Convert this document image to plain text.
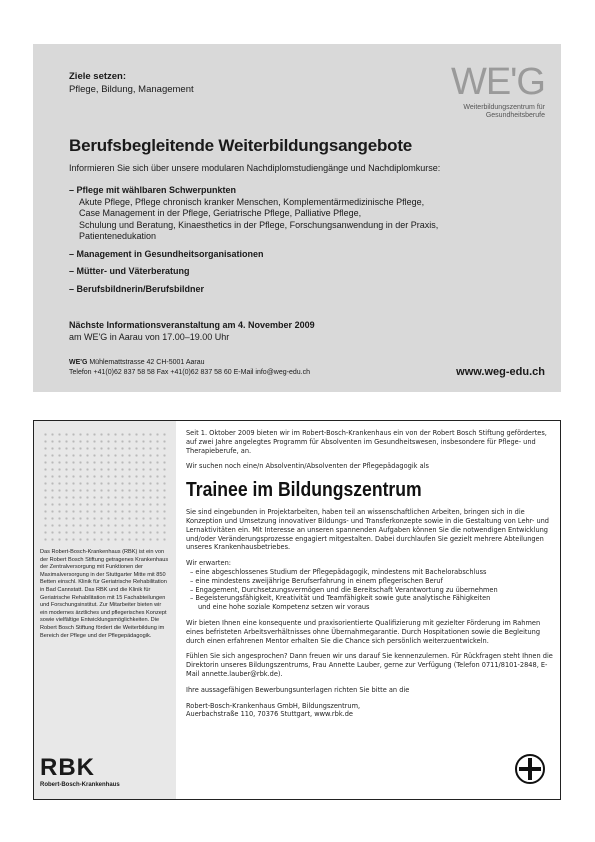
Ziele setzen:
Pflege, Bildung, Management	WE'G
Weiterbildungszentrum für
Gesundheitsberufe
Berufsbegleitende Weiterbildungsangebote
Informieren Sie sich über unsere modularen Nachdiplomstudiengänge und Nachdiplomkurse:
– Pflege mit wählbaren Schwerpunkten
Akute Pflege, Pflege chronisch kranker Menschen, Komplementärmedizinische Pflege,
Case Management in der Pflege, Geriatrische Pflege, Palliative Pflege,
Schulung und Beratung, Kinaesthetics in der Pflege, Forschungsanwendung in der Praxis,
Patientenedukation
– Management in Gesundheitsorganisationen
– Mütter- und Väterberatung
– Berufsbildnerin/Berufsbildner
Nächste Informationsveranstaltung am 4. November 2009
am WE'G in Aarau von 17.00–19.00 Uhr
WE'G Mühlemattstrasse 42 CH-5001 Aarau
Telefon +41(0)62 837 58 58 Fax +41(0)62 837 58 60 E-Mail info@weg-edu.ch	www.weg-edu.ch
Das Robert-Bosch-Krankenhaus (RBK) ist ein von der Robert Bosch Stiftung getragenes Krankenhaus der Zentralversorgung mit Funktionen der Maximalversorgung in der Stuttgarter Mitte mit 850 Betten einschl. Klinik für Geriatrische Rehabilitation in Bad Cannstatt. Das RBK und die Klinik für Geriatrische Rehabilitation mit 15 Fachabteilungen und Forschungsinstitut. Zur Mitarbeiter bieten wir ein modernes ärztliches und pflegerisches Konzept sowie vielfältige Entwicklungsmöglichkeiten. Die Robert Bosch Stiftung fördert die Weiterbildung im Bereich der Pflege und der Pflegepädagogik.
RBK
Robert-Bosch-Krankenhaus

Seit 1. Oktober 2009 bieten wir im Robert-Bosch-Krankenhaus ein von der Robert Bosch Stiftung gefördertes, auf zwei Jahre angelegtes Programm für Absolventen im Gesundheitswesen, insbesondere für Pflege- und Therapieberufe, an.

Wir suchen noch eine/n Absolventin/Absolventen der Pflegepädagogik als

Trainee im Bildungszentrum

Sie sind eingebunden in Projektarbeiten, haben teil an wissenschaftlichen Arbeiten, bringen sich in die Konzeption und Umsetzung innovativer Bildungs- und Transferkonzepte sowie in die Gestaltung von Lehr- und Lernaktivitäten ein. Mit Interesse an unseren spannenden Aufgaben können Sie die notwendigen Entwicklung und/oder Veränderungsprozesse engagiert mitgestalten. Dabei durchlaufen Sie gezielt mehrere Abteilungen unseres Krankenhausbetriebes.

Wir erwarten:
– eine abgeschlossenes Studium der Pflegepädagogik, mindestens mit Bachelorabschluss
– eine mindestens zweijährige Berufserfahrung in einem pflegerischen Beruf
– Engagement, Durchsetzungsvermögen und die Bereitschaft Verantwortung zu übernehmen
– Begeisterungsfähigkeit, Kreativität und Teamfähigkeit sowie gute analytische Fähigkeiten
und eine hohe soziale Kompetenz setzen wir voraus

Wir bieten Ihnen eine konsequente und praxisorientierte Qualifizierung mit gezielter Förderung im Rahmen eines befristeten Arbeitsverhältnisses ohne Übernahmegarantie. Durch Hospitationen sowie die Begleitung durch einen erfahrenen Mentor erhalten Sie die Chance sich persönlich weiterzuentwickeln.

Fühlen Sie sich angesprochen? Dann freuen wir uns darauf Sie kennenzulernen. Für Rückfragen steht Ihnen die Direktorin unseres Bildungszentrums, Frau Annette Lauber, gerne zur Verfügung (Telefon 0711/8101-2848, E-Mail annette.lauber@rbk.de).

Ihre aussagefähigen Bewerbungsunterlagen richten Sie bitte an die

Robert-Bosch-Krankenhaus GmbH, Bildungszentrum,

Auerbachstraße 110, 70376 Stuttgart, www.rbk.de
